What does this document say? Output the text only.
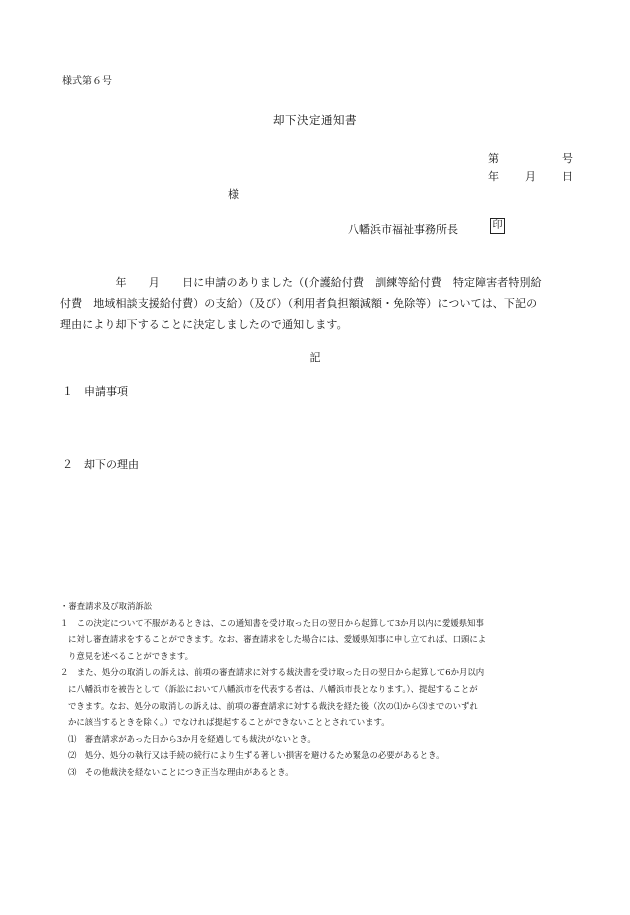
様式第６号
却下決定通知書
第	号
年 月 日
様
八幡浜市福祉事務所長	印
　　　　　年　　月　　日に申請のありました（(介護給付費　訓練等給付費　特定障害者特別給
付費　地域相談支援給付費）の支給）（及び）（利用者負担額減額・免除等）については、下記の
理由により却下することに決定しましたので通知します。
記
１　申請事項
２　却下の理由
・審査請求及び取消訴訟
１　この決定について不服があるときは、この通知書を受け取った日の翌日から起算して3か月以内に愛媛県知事
に対し審査請求をすることができます。なお、審査請求をした場合には、愛媛県知事に申し立てれば、口頭によ
り意見を述べることができます。
２　また、処分の取消しの訴えは、前項の審査請求に対する裁決書を受け取った日の翌日から起算して6か月以内
に八幡浜市を被告として（訴訟において八幡浜市を代表する者は、八幡浜市長となります。）、提起することが
できます。なお、処分の取消しの訴えは、前項の審査請求に対する裁決を経た後（次の⑴から⑶までのいずれ
かに該当するときを除く。）でなければ提起することができないこととされています。
⑴　審査請求があった日から3か月を経過しても裁決がないとき。
⑵　処分、処分の執行又は手続の続行により生ずる著しい損害を避けるため緊急の必要があるとき。
⑶　その他裁決を経ないことにつき正当な理由があるとき。
